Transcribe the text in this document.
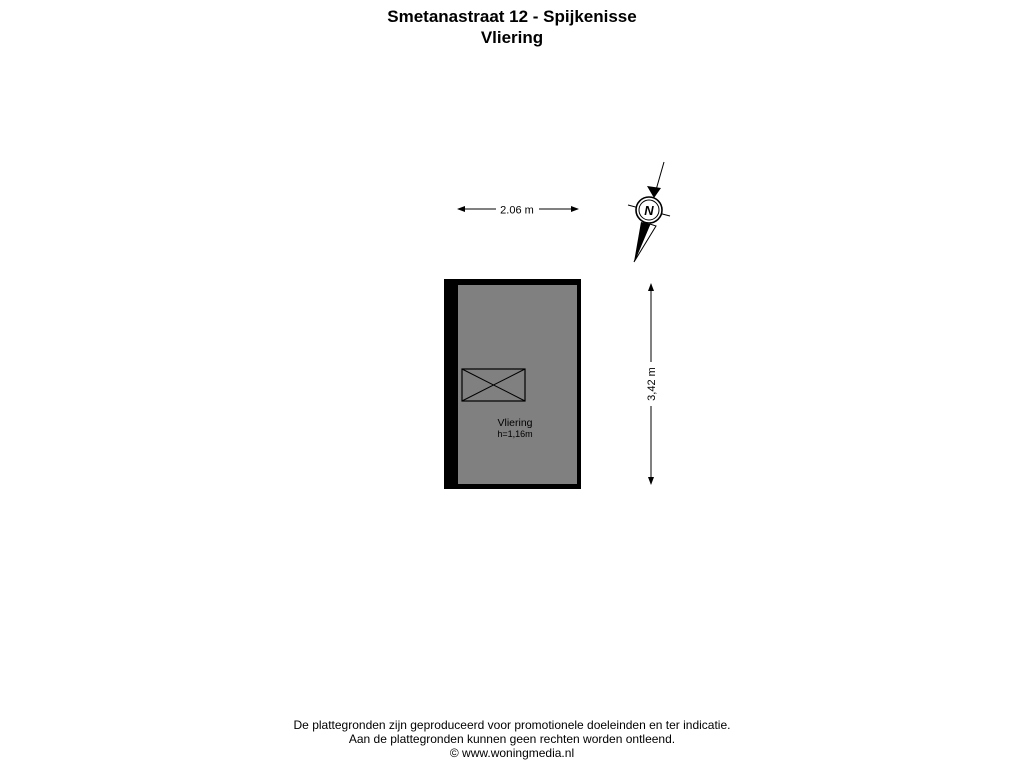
Smetanastraat 12 - Spijkenisse
Vliering
2.06 m
3,42 m
N
Vliering
h=1,16m
De plattegronden zijn geproduceerd voor promotionele doeleinden en ter indicatie.
Aan de plattegronden kunnen geen rechten worden ontleend.
© www.woningmedia.nl
